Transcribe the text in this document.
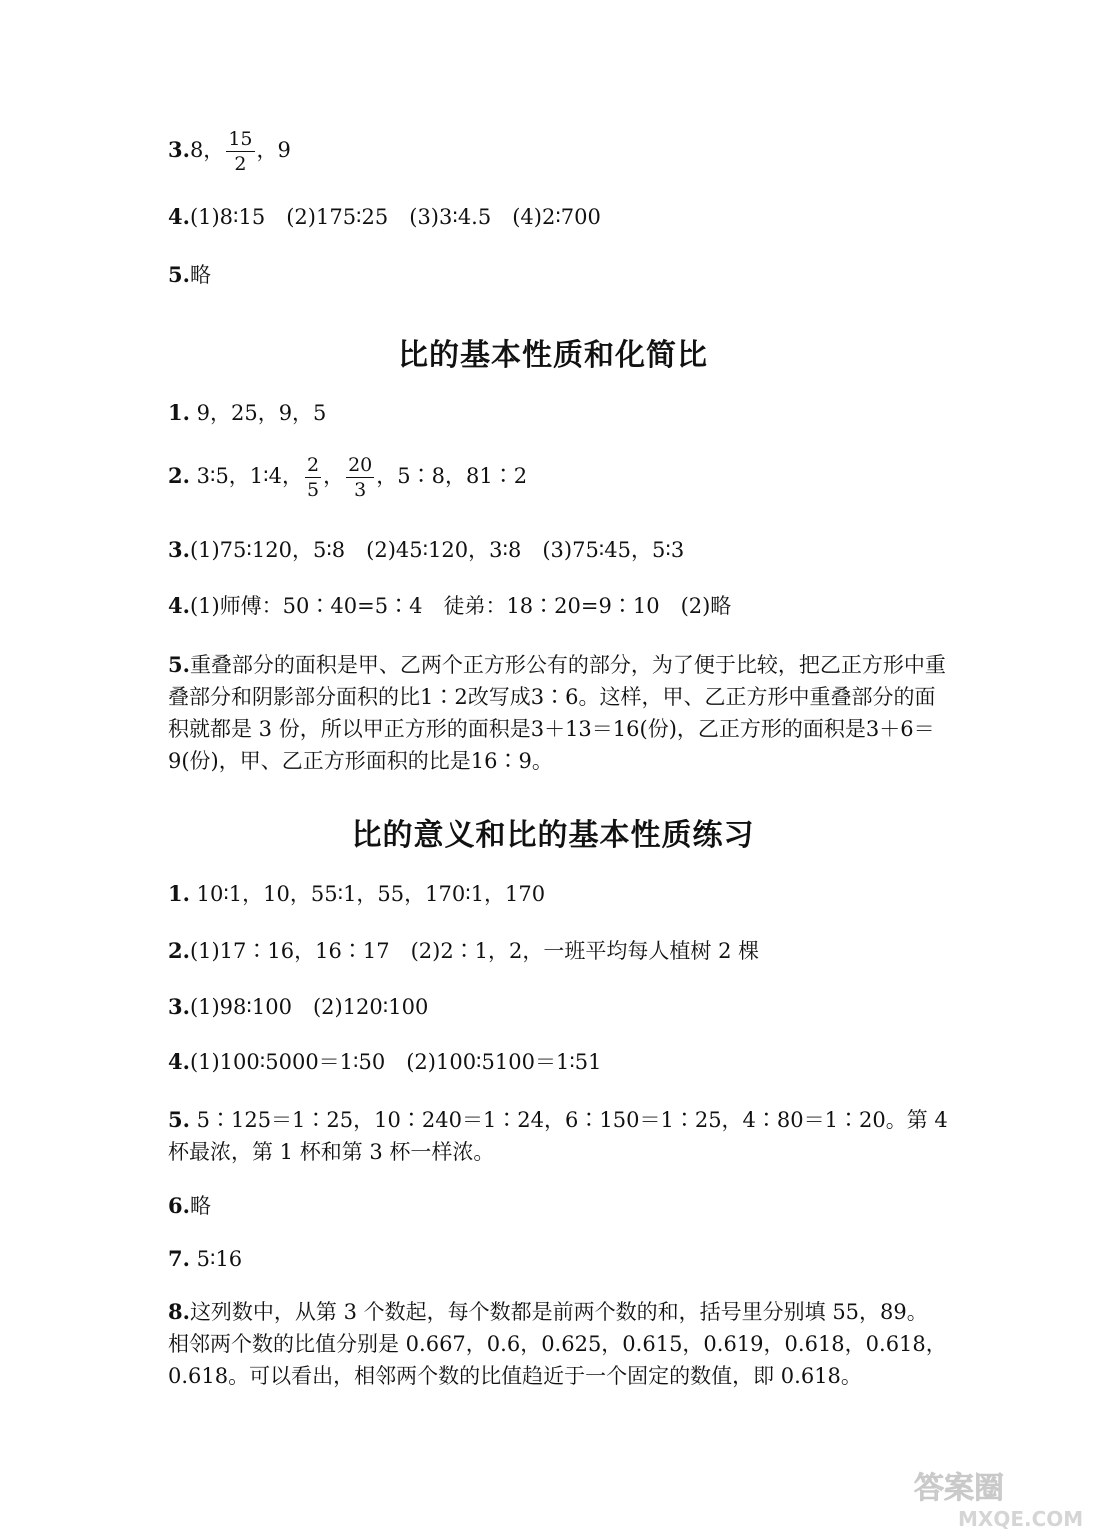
3.8， $\frac{15}{2}$ ，9
4.(1)8∶15　(2)175∶25　(3)3∶4.5　(4)2∶700
5.略
比的基本性质和化简比
1. 9，25，9，5
2. 3∶5，1∶4， $\frac{2}{5}$ ， $\frac{20}{3}$ ，5∶8，81∶2
3.(1)75∶120，5∶8　(2)45∶120，3∶8　(3)75∶45，5∶3
4.(1)师傅：50∶40=5∶4　徒弟：18∶20=9∶10　(2)略
5.重叠部分的面积是甲、乙两个正方形公有的部分，为了便于比较，把乙正方形中重叠部分和阴影部分面积的比1∶2改写成3∶6。这样，甲、乙正方形中重叠部分的面积就都是 3 份，所以甲正方形的面积是3＋13＝16(份)，乙正方形的面积是3＋6＝9(份)，甲、乙正方形面积的比是16∶9。
比的意义和比的基本性质练习
1. 10∶1，10，55∶1，55，170∶1，170
2.(1)17∶16，16∶17　(2)2∶1，2，一班平均每人植树 2 棵
3.(1)98∶100　(2)120∶100
4.(1)100∶5000＝1∶50　(2)100∶5100＝1∶51
5. 5∶125＝1∶25，10∶240＝1∶24，6∶150＝1∶25，4∶80＝1∶20。第 4 杯最浓，第 1 杯和第 3 杯一样浓。
6.略
7. 5∶16
8.这列数中，从第 3 个数起，每个数都是前两个数的和，括号里分别填 55，89。相邻两个数的比值分别是 0.667，0.6，0.625，0.615，0.619，0.618，0.618，0.618。可以看出，相邻两个数的比值趋近于一个固定的数值，即 0.618。
答案圈
MXQE.COM
